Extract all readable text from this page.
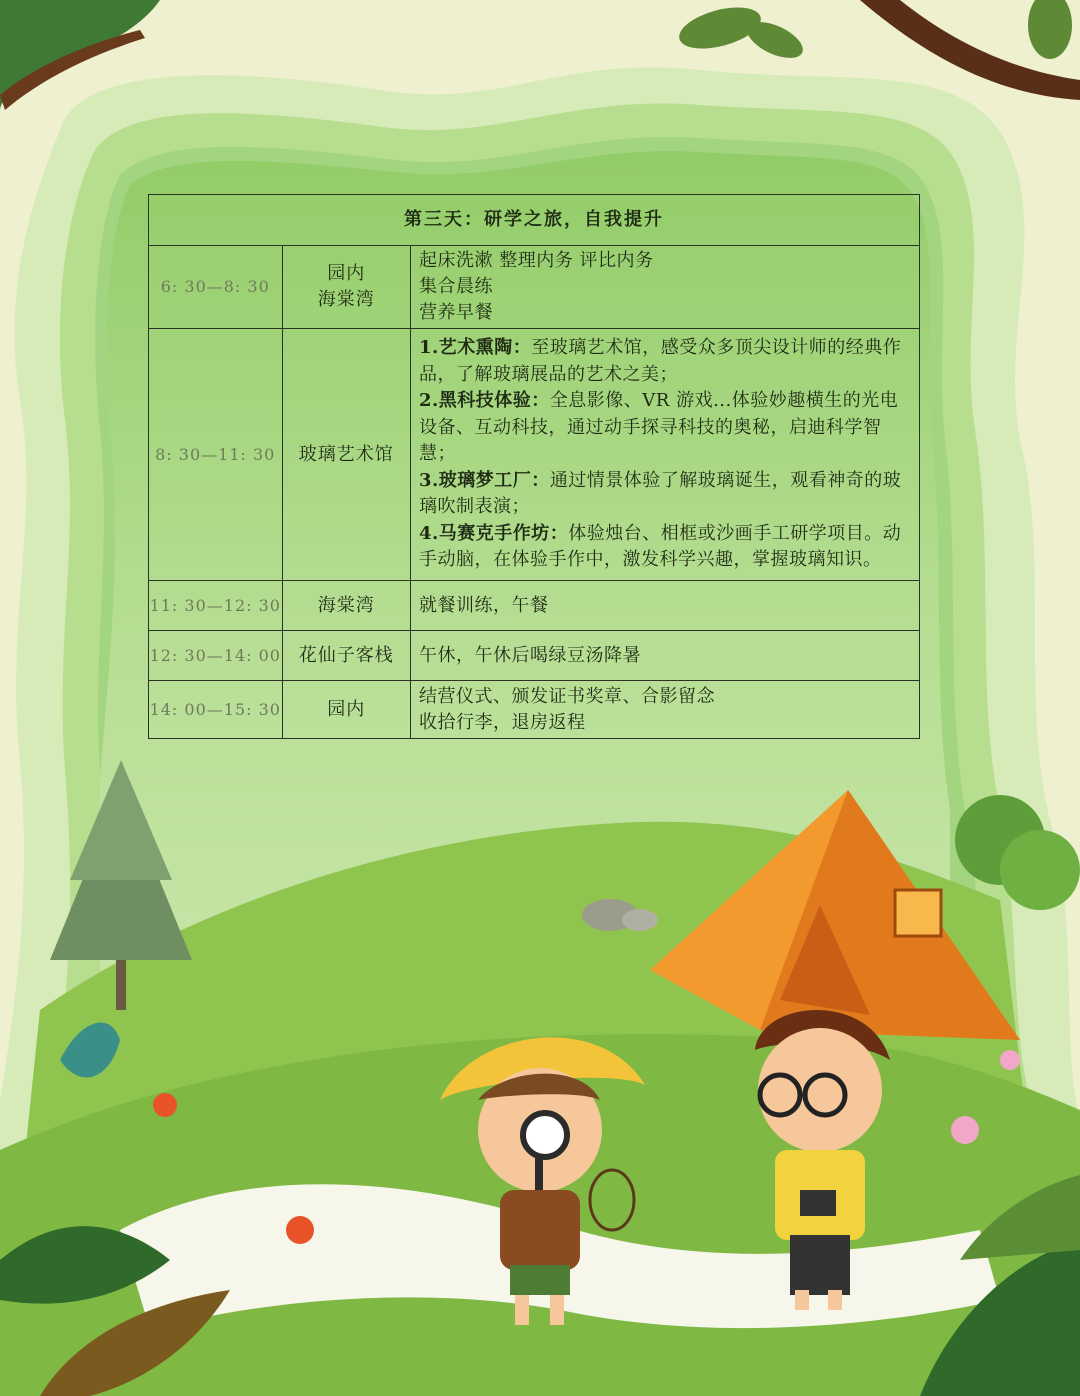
第三天：研学之旅，自我提升		
6: 30—8: 30	园内
海棠湾	起床洗漱 整理内务 评比内务
集合晨练
营养早餐

8: 30—11: 30	玻璃艺术馆	1.艺术熏陶：至玻璃艺术馆，感受众多顶尖设计师的经典作品，了解玻璃展品的艺术之美；
2.黑科技体验：全息影像、VR 游戏...体验妙趣横生的光电设备、互动科技，通过动手探寻科技的奥秘，启迪科学智慧；
3.玻璃梦工厂：通过情景体验了解玻璃诞生，观看神奇的玻璃吹制表演；
4.马赛克手作坊：体验烛台、相框或沙画手工研学项目。动手动脑，在体验手作中，激发科学兴趣，掌握玻璃知识。
11: 30—12: 30	海棠湾	就餐训练，午餐

12: 30—14: 00	花仙子客栈	午休，午休后喝绿豆汤降暑

14: 00—15: 30	园内	结营仪式、颁发证书奖章、合影留念
收拾行李，退房返程
